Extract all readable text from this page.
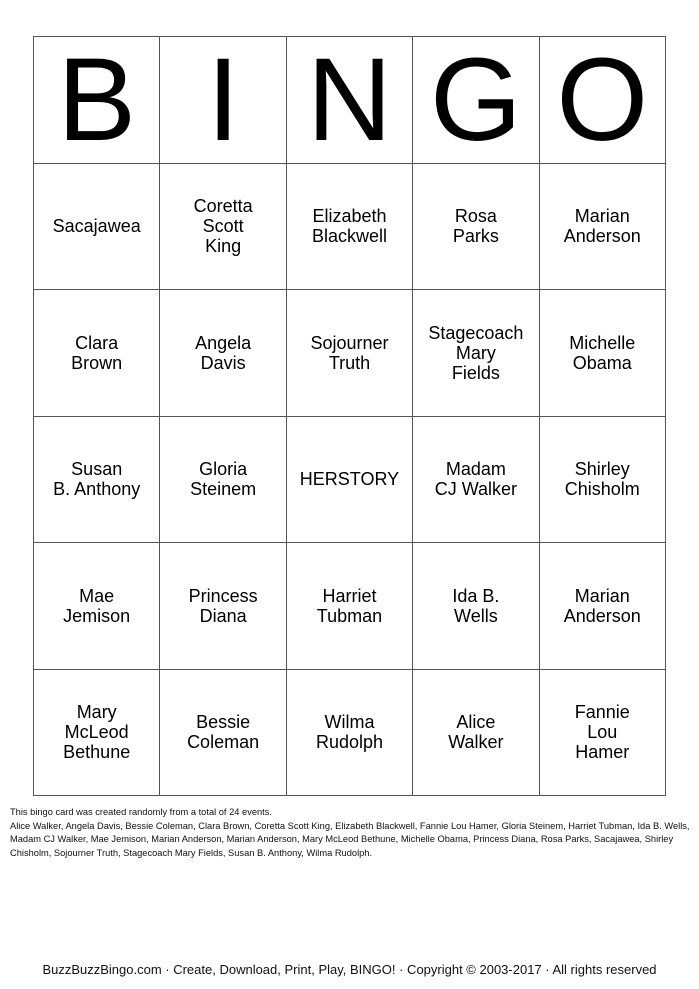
B I N G O
Sacajawea
Coretta
Scott
King
Elizabeth
Blackwell
Rosa
Parks
Marian
Anderson
Clara
Brown
Angela
Davis
Sojourner
Truth
Stagecoach
Mary
Fields
Michelle
Obama
Susan
B. Anthony
Gloria
Steinem	HERSTORY	Madam
CJ Walker
Shirley
Chisholm
Mae
Jemison
Princess
Diana
Harriet
Tubman
Ida B.
Wells
Marian
Anderson
Mary
McLeod
Bethune
Bessie
Coleman
Wilma
Rudolph
Alice
Walker
Fannie
Lou
Hamer

This bingo card was created randomly from a total of 24 events.

Alice Walker, Angela Davis, Bessie Coleman, Clara Brown, Coretta Scott King, Elizabeth Blackwell, Fannie Lou Hamer, Gloria Steinem, Harriet Tubman, Ida B. Wells, Madam CJ Walker, Mae Jemison, Marian Anderson, Marian Anderson, Mary McLeod Bethune, Michelle Obama, Princess Diana, Rosa Parks, Sacajawea, Shirley Chisholm, Sojourner Truth, Stagecoach Mary Fields, Susan B. Anthony, Wilma Rudolph.

BuzzBuzzBingo.com · Create, Download, Print, Play, BINGO! · Copyright © 2003-2017 · All rights reserved
